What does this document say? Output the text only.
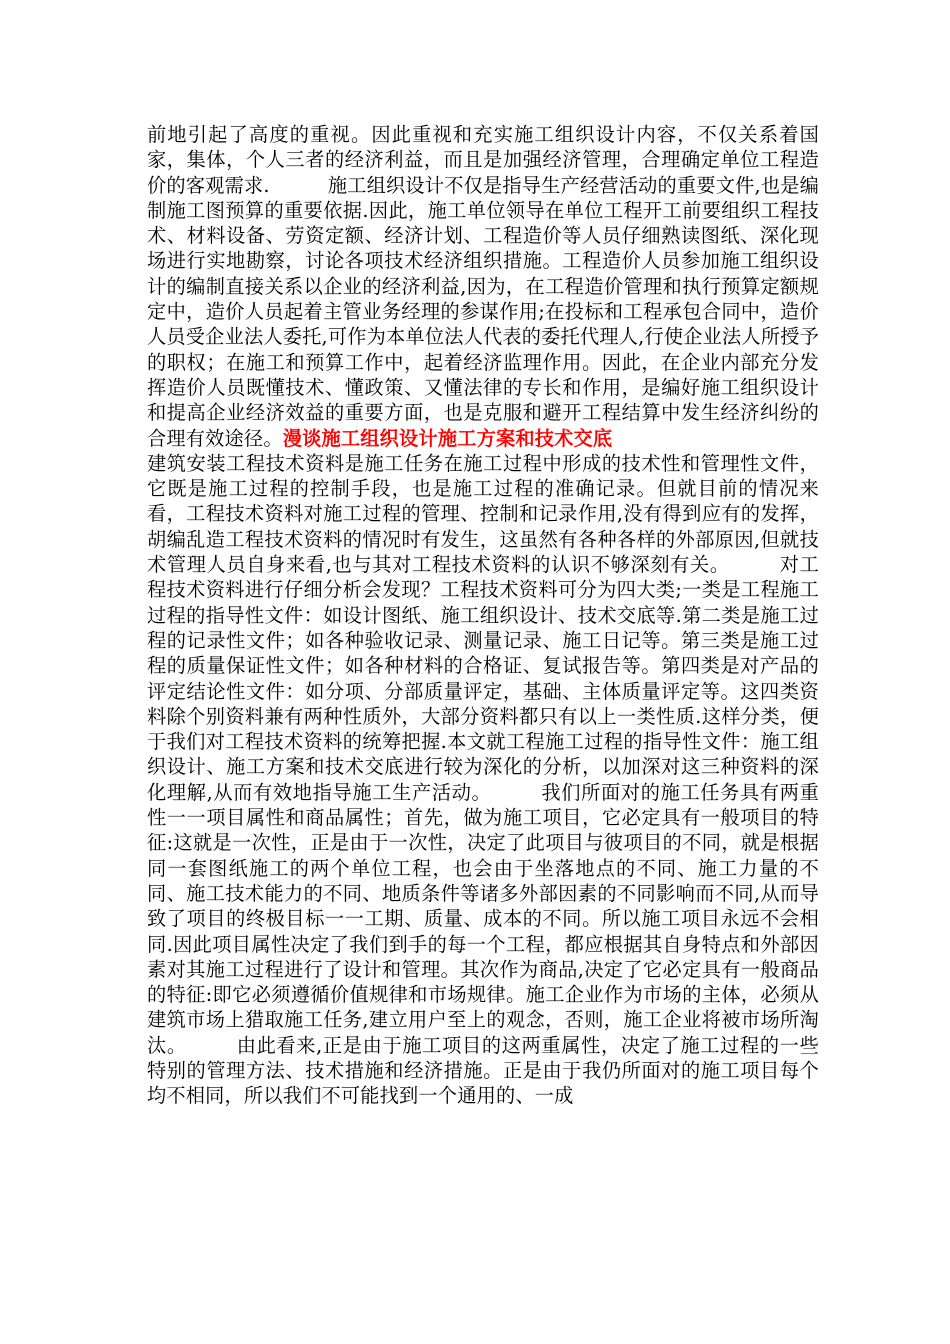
前地引起了高度的重视。因此重视和充实施工组织设计内容，不仅关系着国家，集体，个人三者的经济利益，而且是加强经济管理，合理确定单位工程造价的客观需求.　　　施工组织设计不仅是指导生产经营活动的重要文件,也是编制施工图预算的重要依据.因此，施工单位领导在单位工程开工前要组织工程技术、材料设备、劳资定额、经济计划、工程造价等人员仔细熟读图纸、深化现场进行实地勘察，讨论各项技术经济组织措施。工程造价人员参加施工组织设计的编制直接关系以企业的经济利益,因为，在工程造价管理和执行预算定额规定中，造价人员起着主管业务经理的参谋作用;在投标和工程承包合同中，造价人员受企业法人委托,可作为本单位法人代表的委托代理人,行使企业法人所授予的职权；在施工和预算工作中，起着经济监理作用。因此，在企业内部充分发挥造价人员既懂技术、懂政策、又懂法律的专长和作用，是编好施工组织设计和提高企业经济效益的重要方面，也是克服和避开工程结算中发生经济纠纷的合理有效途径。漫谈施工组织设计施工方案和技术交底

建筑安装工程技术资料是施工任务在施工过程中形成的技术性和管理性文件，它既是施工过程的控制手段，也是施工过程的准确记录。但就目前的情况来看，工程技术资料对施工过程的管理、控制和记录作用,没有得到应有的发挥，胡编乱造工程技术资料的情况时有发生，这虽然有各种各样的外部原因,但就技术管理人员自身来看,也与其对工程技术资料的认识不够深刻有关。　　　对工程技术资料进行仔细分析会发现？工程技术资料可分为四大类;一类是工程施工过程的指导性文件：如设计图纸、施工组织设计、技术交底等.第二类是施工过程的记录性文件；如各种验收记录、测量记录、施工日记等。第三类是施工过程的质量保证性文件；如各种材料的合格证、复试报告等。第四类是对产品的评定结论性文件：如分项、分部质量评定，基础、主体质量评定等。这四类资料除个别资料兼有两种性质外，大部分资料都只有以上一类性质.这样分类，便于我们对工程技术资料的统筹把握.本文就工程施工过程的指导性文件：施工组织设计、施工方案和技术交底进行较为深化的分析，以加深对这三种资料的深化理解,从而有效地指导施工生产活动。　　　我们所面对的施工任务具有两重性一一项目属性和商品属性；首先，做为施工项目，它必定具有一般项目的特征:这就是一次性，正是由于一次性，决定了此项目与彼项目的不同，就是根据同一套图纸施工的两个单位工程，也会由于坐落地点的不同、施工力量的不同、施工技术能力的不同、地质条件等诸多外部因素的不同影响而不同,从而导致了项目的终极目标一一工期、质量、成本的不同。所以施工项目永远不会相同.因此项目属性决定了我们到手的每一个工程，都应根据其自身特点和外部因素对其施工过程进行了设计和管理。其次作为商品,决定了它必定具有一般商品的特征:即它必须遵循价值规律和市场规律。施工企业作为市场的主体，必须从建筑市场上猎取施工任务,建立用户至上的观念，否则，施工企业将被市场所淘汰。　　　由此看来,正是由于施工项目的这两重属性，决定了施工过程的一些特别的管理方法、技术措施和经济措施。正是由于我仍所面对的施工项目每个均不相同，所以我们不可能找到一个通用的、一成
